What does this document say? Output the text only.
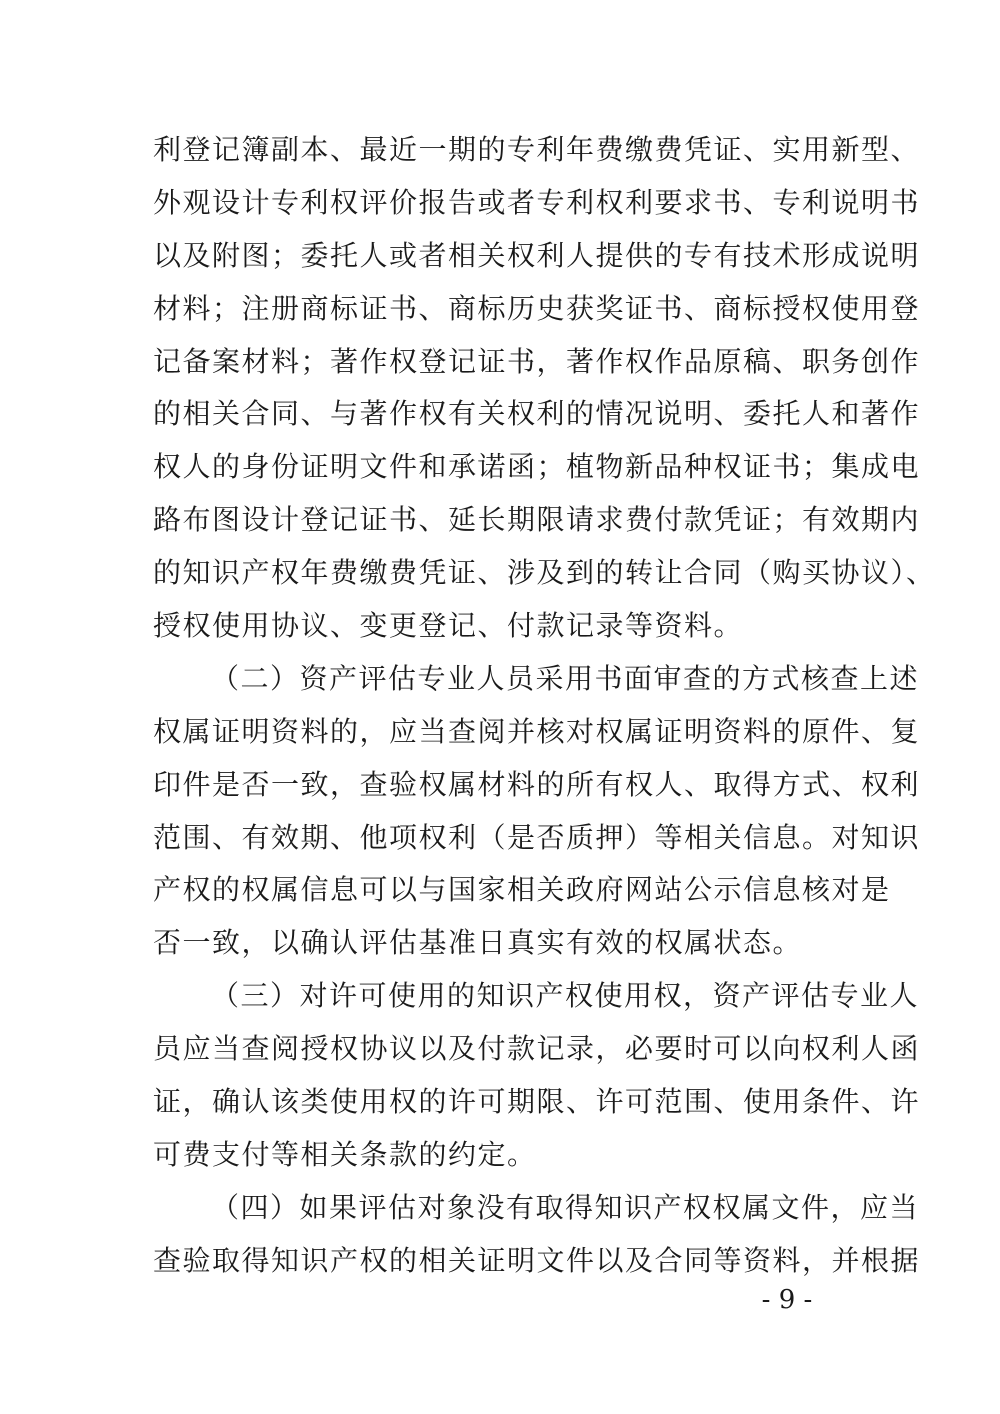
利登记簿副本、最近一期的专利年费缴费凭证、实用新型、
外观设计专利权评价报告或者专利权利要求书、专利说明书
以及附图；委托人或者相关权利人提供的专有技术形成说明
材料；注册商标证书、商标历史获奖证书、商标授权使用登
记备案材料；著作权登记证书，著作权作品原稿、职务创作
的相关合同、与著作权有关权利的情况说明、委托人和著作
权人的身份证明文件和承诺函；植物新品种权证书；集成电
路布图设计登记证书、延长期限请求费付款凭证；有效期内
的知识产权年费缴费凭证、涉及到的转让合同（购买协议）、
授权使用协议、变更登记、付款记录等资料。
（二）资产评估专业人员采用书面审查的方式核查上述
权属证明资料的，应当查阅并核对权属证明资料的原件、复
印件是否一致，查验权属材料的所有权人、取得方式、权利
范围、有效期、他项权利（是否质押）等相关信息。对知识
产权的权属信息可以与国家相关政府网站公示信息核对是
否一致，以确认评估基准日真实有效的权属状态。
（三）对许可使用的知识产权使用权，资产评估专业人
员应当查阅授权协议以及付款记录，必要时可以向权利人函
证，确认该类使用权的许可期限、许可范围、使用条件、许
可费支付等相关条款的约定。
（四）如果评估对象没有取得知识产权权属文件，应当
查验取得知识产权的相关证明文件以及合同等资料，并根据
- 9 -
